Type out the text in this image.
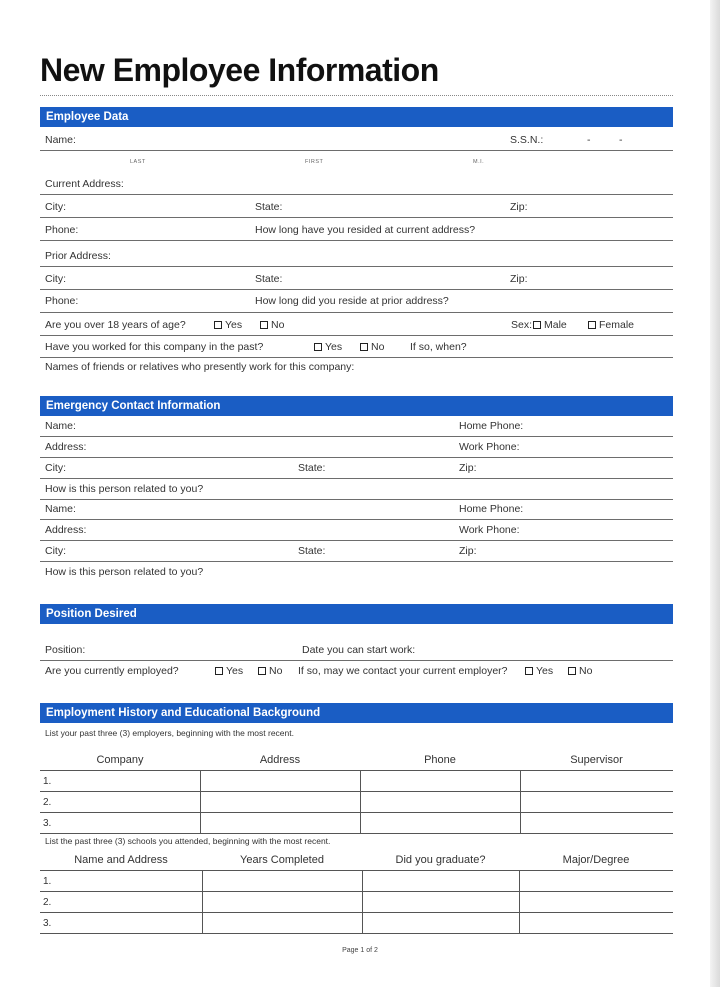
New Employee Information
Employee Data
Name:	S.S.N.:	-	-
LAST	FIRST	M.I.
Current Address:
City:	State:	Zip:
Phone:	How long have you resided at current address?
Prior Address:
City:	State:	Zip:
Phone:	How long did you reside at prior address?
Are you over 18 years of age?	Yes	No	Sex:	Male	Female
Have you worked for this company in the past?	Yes	No If so, when?
Names of friends or relatives who presently work for this company:
Emergency Contact Information
Name:	Home Phone:
Address:	Work Phone:
City:	State:	Zip:
How is this person related to you?
Name:	Home Phone:
Address:	Work Phone:
City:	State:	Zip:
How is this person related to you?
Position Desired
Position:	Date you can start work:
Are you currently employed?	Yes	No If so, may we contact your current employer?	Yes	No
Employment History and Educational Background
List your past three (3) employers, beginning with the most recent.
Company	Address	Phone	Supervisor
1.			
2.			
3.			
List the past three (3) schools you attended, beginning with the most recent.
Name and Address	Years Completed	Did you graduate?	Major/Degree
1.			
2.			
3.			
Page 1 of 2
